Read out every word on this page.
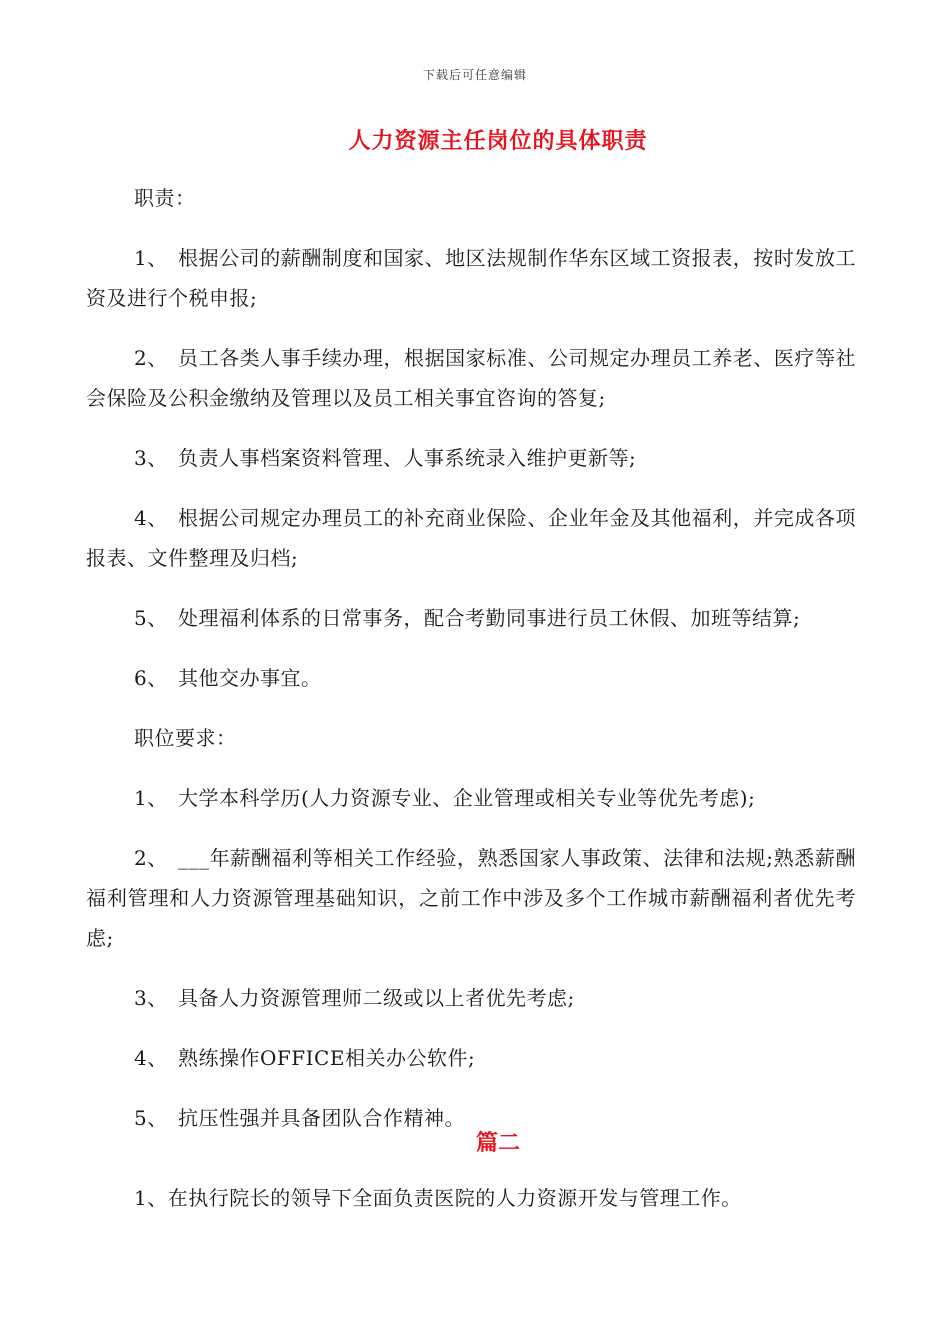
下载后可任意编辑
人力资源主任岗位的具体职责

职责：

1、 根据公司的薪酬制度和国家、地区法规制作华东区域工资报表，按时发放工资及进行个税申报;

2、 员工各类人事手续办理，根据国家标准、公司规定办理员工养老、医疗等社会保险及公积金缴纳及管理以及员工相关事宜咨询的答复;

3、 负责人事档案资料管理、人事系统录入维护更新等;

4、 根据公司规定办理员工的补充商业保险、企业年金及其他福利，并完成各项报表、文件整理及归档;

5、 处理福利体系的日常事务，配合考勤同事进行员工休假、加班等结算;

6、 其他交办事宜。

职位要求：

1、 大学本科学历(人力资源专业、企业管理或相关专业等优先考虑);

2、 ___年薪酬福利等相关工作经验，熟悉国家人事政策、法律和法规;熟悉薪酬福利管理和人力资源管理基础知识，之前工作中涉及多个工作城市薪酬福利者优先考虑;

3、 具备人力资源管理师二级或以上者优先考虑;

4、 熟练操作OFFICE相关办公软件;

5、 抗压性强并具备团队合作精神。

篇二

1、在执行院长的领导下全面负责医院的人力资源开发与管理工作。
